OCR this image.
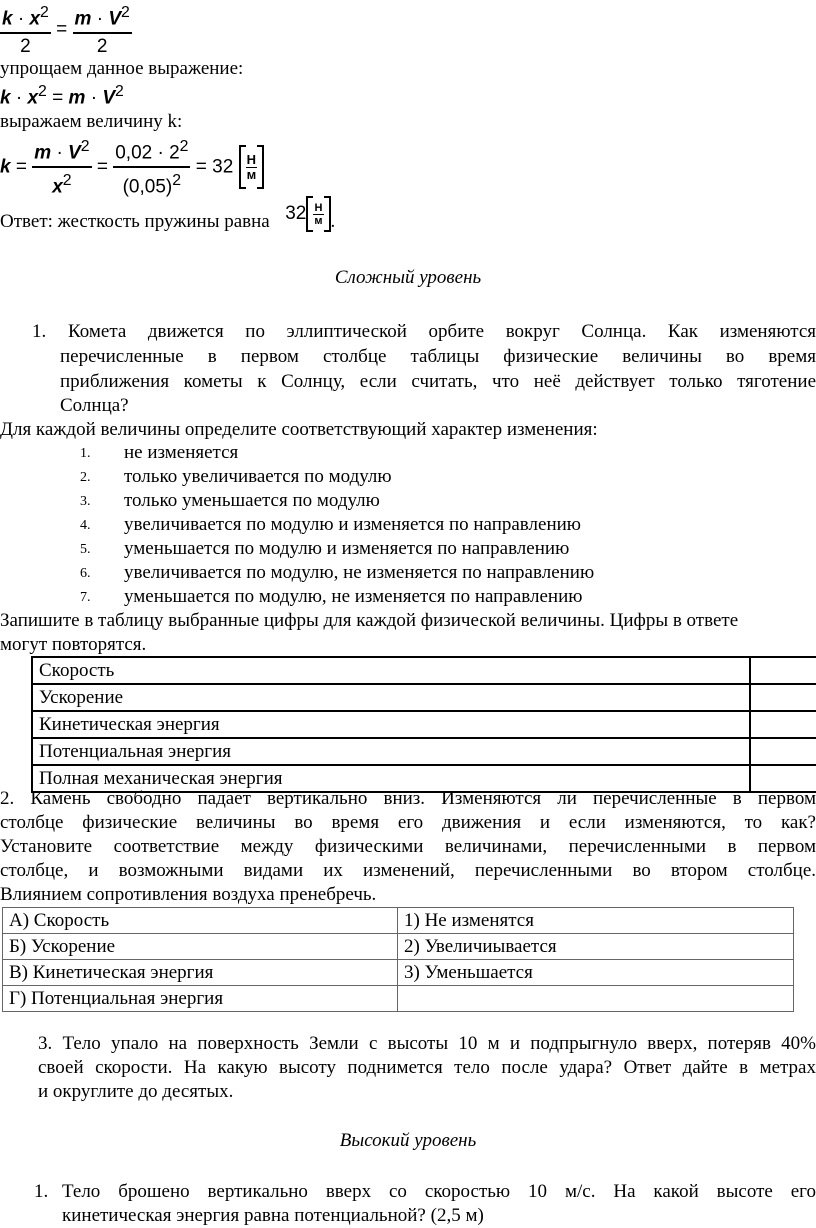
$\frac{k \cdot x^2}{2} = \frac{m \cdot V^2}{2}$
упрощаем данное выражение:
$k \cdot x^2 = m \cdot V^2$
выражаем величину k:
$k = \frac{m \cdot V^2}{x^2} = \frac{0,02 \cdot 2^2}{(0,05)^2} = 32 \frac{Н}{м}$
Ответ: жесткость пружины равна $32 \frac{Н}{м}$ .
Сложный уровень
1. Комета движется по эллиптической орбите вокруг Солнца. Как изменяются
перечисленные в первом столбце таблицы физические величины во время
приближения кометы к Солнцу, если считать, что неё действует только тяготение
Солнца?
Для каждой величины определите соответствующий характер изменения:
1. не изменяется
2. только увеличивается по модулю
3. только уменьшается по модулю
4. увеличивается по модулю и изменяется по направлению
5. уменьшается по модулю и изменяется по направлению
6. увеличивается по модулю, не изменяется по направлению
7. уменьшается по модулю, не изменяется по направлению
Запишите в таблицу выбранные цифры для каждой физической величины. Цифры в ответе
могут повторятся.
Скорость	
Ускорение	
Кинетическая энергия	
Потенциальная энергия	
Полная механическая энергия	
2. Камень свободно падает вертикально вниз. Изменяются ли перечисленные в первом
столбце физические величины во время его движения и если изменяются, то как?
Установите соответствие между физическими величинами, перечисленными в первом
столбце, и возможными видами их изменений, перечисленными во втором столбце.
Влиянием сопротивления воздуха пренебречь.
А) Скорость	1) Не изменятся
Б) Ускорение	2) Увеличиывается
В) Кинетическая энергия	3) Уменьшается
Г) Потенциальная энергия	
3. Тело упало на поверхность Земли с высоты 10 м и подпрыгнуло вверх, потеряв 40%
своей скорости. На какую высоту поднимется тело после удара? Ответ дайте в метрах
и округлите до десятых.
Высокий уровень
1. Тело брошено вертикально вверх со скоростью 10 м/с. На какой высоте его
кинетическая энергия равна потенциальной? (2,5 м)
